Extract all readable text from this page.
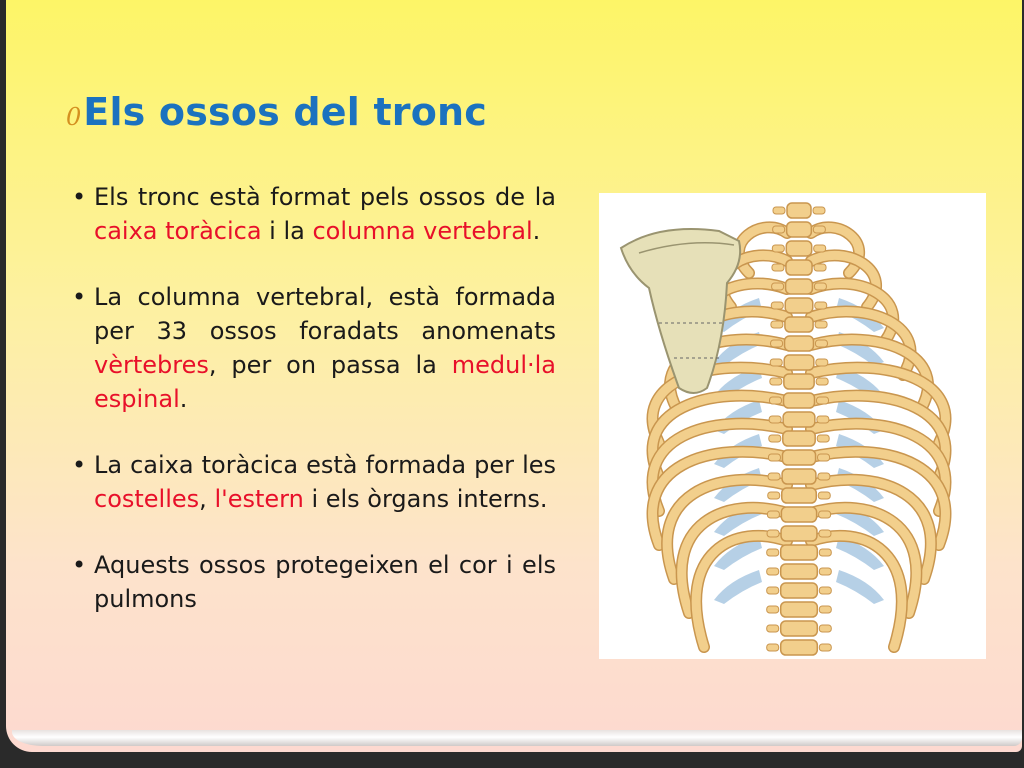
0 Els ossos del tronc
• Els tronc està format pels ossos de la caixa toràcica i la columna vertebral.
• La columna vertebral, està formada per 33 ossos foradats anomenats vèrtebres, per on passa la medul·la espinal.
• La caixa toràcica està formada per les costelles, l'estern i els òrgans interns.
• Aquests ossos protegeixen el cor i els pulmons
